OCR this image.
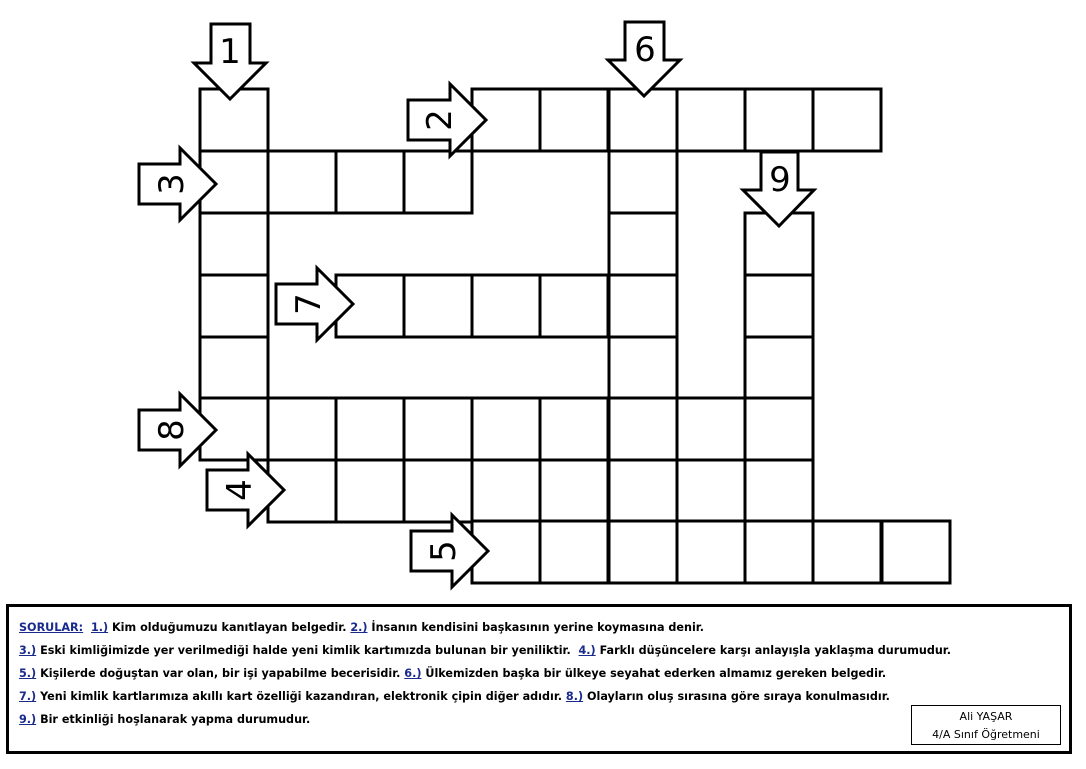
1	6
9
2
3
7
8
4
5
SORULAR: 1.) Kim olduğumuzu kanıtlayan belgedir. 2.) İnsanın kendisini başkasının yerine koymasına denir.
3.) Eski kimliğimizde yer verilmediği halde yeni kimlik kartımızda bulunan bir yeniliktir. 4.) Farklı düşüncelere karşı anlayışla yaklaşma durumudur.
5.) Kişilerde doğuştan var olan, bir işi yapabilme becerisidir. 6.) Ülkemizden başka bir ülkeye seyahat ederken almamız gereken belgedir.
7.) Yeni kimlik kartlarımıza akıllı kart özelliği kazandıran, elektronik çipin diğer adıdır. 8.) Olayların oluş sırasına göre sıraya konulmasıdır.
9.) Bir etkinliği hoşlanarak yapma durumudur.	Ali YAŞAR
4/A Sınıf Öğretmeni
